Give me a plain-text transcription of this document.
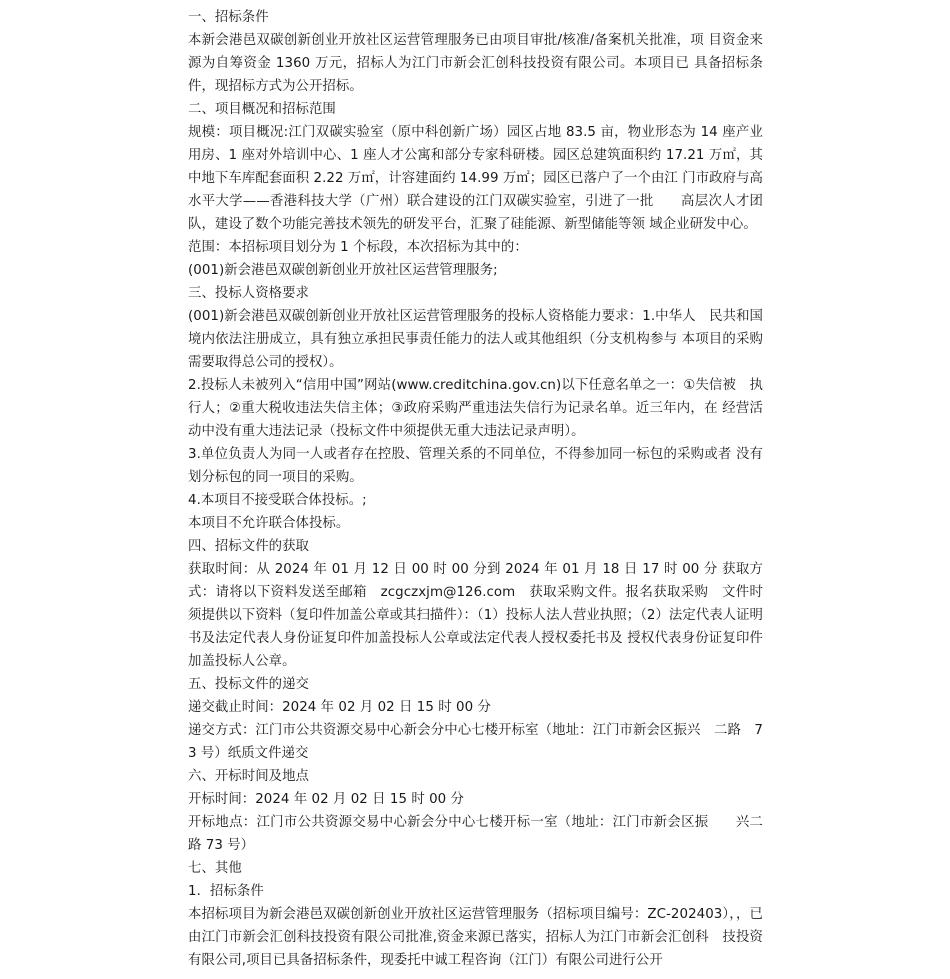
一、招标条件

本新会港邑双碳创新创业开放社区运营管理服务已由项目审批/核准/备案机关批准，项 目资金来源为自筹资金 1360 万元，招标人为江门市新会汇创科技投资有限公司。本项目已 具备招标条件，现招标方式为公开招标。

二、项目概况和招标范围

规模：项目概况:江门双碳实验室（原中科创新广场）园区占地 83.5 亩，物业形态为 14 座产业用房、1 座对外培训中心、1 座人才公寓和部分专家科研楼。园区总建筑面积约 17.21 万㎡，其中地下车库配套面积 2.22 万㎡，计容建面约 14.99 万㎡；园区已落户了一个由江 门市政府与高水平大学——香港科技大学（广州）联合建设的江门双碳实验室，引进了一批　　高层次人才团队，建设了数个功能完善技术领先的研发平台，汇聚了硅能源、新型储能等领 域企业研发中心。

范围：本招标项目划分为 1 个标段，本次招标为其中的：

(001)新会港邑双碳创新创业开放社区运营管理服务;

三、投标人资格要求

(001)新会港邑双碳创新创业开放社区运营管理服务的投标人资格能力要求：1.中华人　民共和国境内依法注册成立，具有独立承担民事责任能力的法人或其他组织（分支机构参与 本项目的采购需要取得总公司的授权）。

2.投标人未被列入“信用中国”网站(www.creditchina.gov.cn)以下任意名单之一：①失信被　执行人；②重大税收违法失信主体；③政府采购严重违法失信行为记录名单。近三年内，在 经营活动中没有重大违法记录（投标文件中须提供无重大违法记录声明）。

3.单位负责人为同一人或者存在控股、管理关系的不同单位，不得参加同一标包的采购或者 没有划分标包的同一项目的采购。

4.本项目不接受联合体投标。;

本项目不允许联合体投标。

四、招标文件的获取

获取时间：从 2024 年 01 月 12 日 00 时 00 分到 2024 年 01 月 18 日 17 时 00 分 获取方式：请将以下资料发送至邮箱　zcgczxjm@126.com　获取采购文件。报名获取采购　文件时须提供以下资料（复印件加盖公章或其扫描件）：（1）投标人法人营业执照；（2）法定代表人证明书及法定代表人身份证复印件加盖投标人公章或法定代表人授权委托书及 授权代表身份证复印件加盖投标人公章。

五、投标文件的递交

递交截止时间：2024 年 02 月 02 日 15 时 00 分

递交方式：江门市公共资源交易中心新会分中心七楼开标室（地址：江门市新会区振兴　二路　73 号）纸质文件递交

六、开标时间及地点

开标时间：2024 年 02 月 02 日 15 时 00 分

开标地点：江门市公共资源交易中心新会分中心七楼开标一室（地址：江门市新会区振　　兴二路 73 号）

七、其他

1．招标条件

本招标项目为新会港邑双碳创新创业开放社区运营管理服务（招标项目编号：ZC-202403），，已由江门市新会汇创科技投资有限公司批准,资金来源已落实，招标人为江门市新会汇创科　技投资有限公司,项目已具备招标条件，现委托中诚工程咨询（江门）有限公司进行公开
